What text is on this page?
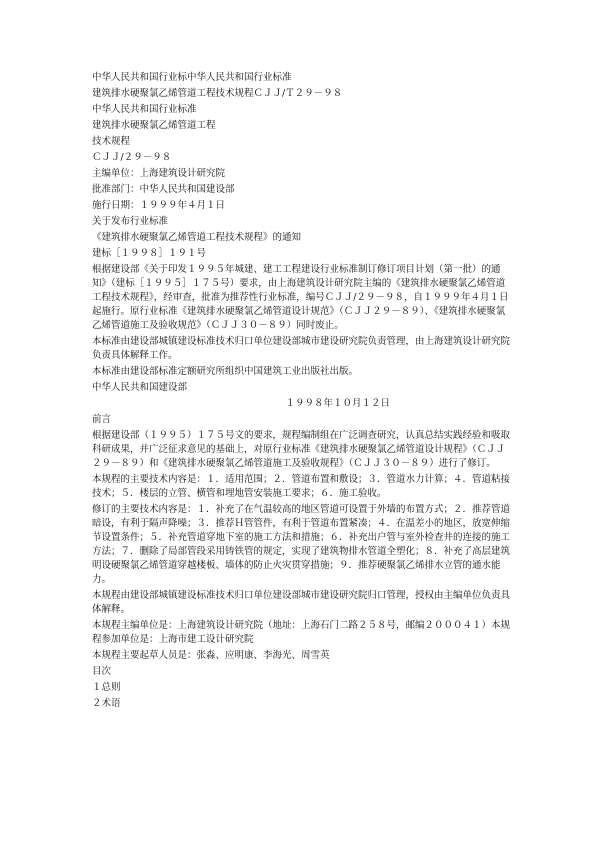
中华人民共和国行业标中华人民共和国行业标准
建筑排水硬聚氯乙烯管道工程技术规程ＣＪＪ/Ｔ２９－９８
中华人民共和国行业标准
建筑排水硬聚氯乙烯管道工程
技术规程
ＣＪＪ/２９－９８
主编单位：上海建筑设计研究院
批准部门：中华人民共和国建设部
施行日期：１９９９年４月１日
关于发布行业标准
《建筑排水硬聚氯乙烯管道工程技术规程》的通知
建标［１９９８］１９１号
根据建设部《关于印发１９９５年城建、建工工程建设行业标准制订修订项目计划（第一批）的通知》（建标［１９９５］１７５号）要求，由上海建筑设计研究院主编的《建筑排水硬聚氯乙烯管道工程技术规程》，经审查，批准为推荐性行业标准，编号ＣＪＪ/２９－９８，自１９９９年４月１日起施行。原行业标准《建筑排水硬聚氯乙烯管道设计规范》（ＣＪＪ２９－８９）、《建筑排水硬聚氯乙烯管道施工及验收规范》（ＣＪＪ３０－８９）同时废止。
本标准由建设部城镇建设标准技术归口单位建设部城市建设研究院负责管理，由上海建筑设计研究院负责具体解释工作。
本标准由建设部标准定额研究所组织中国建筑工业出版社出版。
中华人民共和国建设部
１９９８年１０月１２日
前言
根据建设部（１９９５）１７５号文的要求，规程编制组在广泛调查研究，认真总结实践经验和吸取科研成果，并广泛征求意见的基础上，对原行业标准《建筑排水硬聚氯乙烯管道设计规程》（ＣＪＪ２９－８９）和《建筑排水硬聚氯乙烯管道施工及验收规程》（ＣＪＪ３０－８９）进行了修订。
本规程的主要技术内容是：１．适用范围；２．管道布置和敷设；３．管道水力计算；４．管道粘接技术；５．楼层的立管、横管和埋地管安装施工要求；６．施工验收。
修订的主要技术内容是：１．补充了在气温较高的地区管道可设置于外墙的布置方式；２．推荐管道暗设，有利于隔声降噪；３．推荐Ｈ管管件，有利于管道布置紧凑；４．在温差小的地区，放宽伸缩节设置条件；５．补充管道穿地下室的施工方法和措施；６．补充出户管与室外检查井的连接的施工方法；７．删除了局部管段采用铸铁管的规定，实现了建筑物排水管道全塑化；８．补充了高层建筑明设硬聚氯乙烯管道穿越楼板、墙体的防止火灾贯穿措施；９．推荐硬聚氯乙烯排水立管的通水能力。
本规程由建设部城镇建设标准技术归口单位建设部城市建设研究院归口管理，授权由主编单位负责具体解释。
本规程主编单位是：上海建筑设计研究院（地址：上海石门二路２５８号，邮编２０００４１）本规程参加单位是：上海市建工设计研究院
本规程主要起草人员是：张淼、应明康、李海光、周雪英
目次
１总则
２术语
